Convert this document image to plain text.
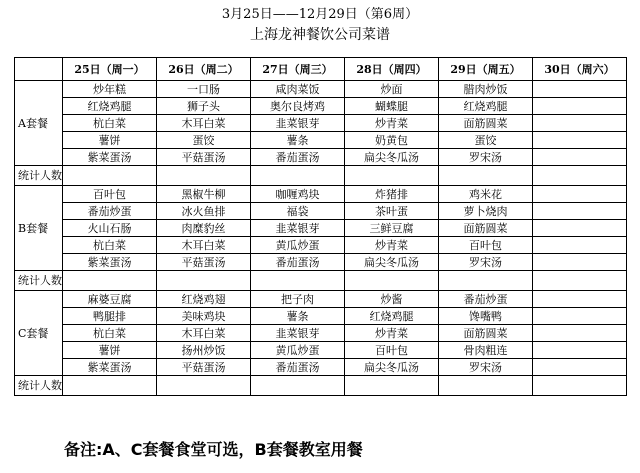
3月25日——12月29日（第6周）
上海龙神餐饮公司菜谱
	25日（周一）	26日（周二）	27日（周三）	28日（周四）	29日（周五）	30日（周六）
A套餐	炒年糕	一口肠	咸肉菜饭	炒面	腊肉炒饭	
	红烧鸡腿	狮子头	奥尔良烤鸡	蝴蝶腿	红烧鸡腿	
	杭白菜	木耳白菜	韭菜银芽	炒青菜	面筋圆菜	
	薯饼	蛋饺	薯条	奶黄包	蛋饺	
	紫菜蛋汤	平菇蛋汤	番茄蛋汤	扁尖冬瓜汤	罗宋汤	
统计人数						
B套餐	百叶包	黑椒牛柳	咖喱鸡块	炸猪排	鸡米花	
	番茄炒蛋	冰火鱼排	福袋	茶叶蛋	萝卜烧肉	
	火山石肠	肉糜豹丝	韭菜银芽	三鲜豆腐	面筋圆菜	
	杭白菜	木耳白菜	黄瓜炒蛋	炒青菜	百叶包	
	紫菜蛋汤	平菇蛋汤	番茄蛋汤	扁尖冬瓜汤	罗宋汤	
统计人数						
C套餐	麻婆豆腐	红烧鸡翅	把子肉	炒酱	番茄炒蛋	
	鸭腿排	美味鸡块	薯条	红烧鸡腿	馋嘴鸭	
	杭白菜	木耳白菜	韭菜银芽	炒青菜	面筋圆菜	
	薯饼	扬州炒饭	黄瓜炒蛋	百叶包	骨肉粗连	
	紫菜蛋汤	平菇蛋汤	番茄蛋汤	扁尖冬瓜汤	罗宋汤	
统计人数						
备注:A、C套餐食堂可选，B套餐教室用餐
